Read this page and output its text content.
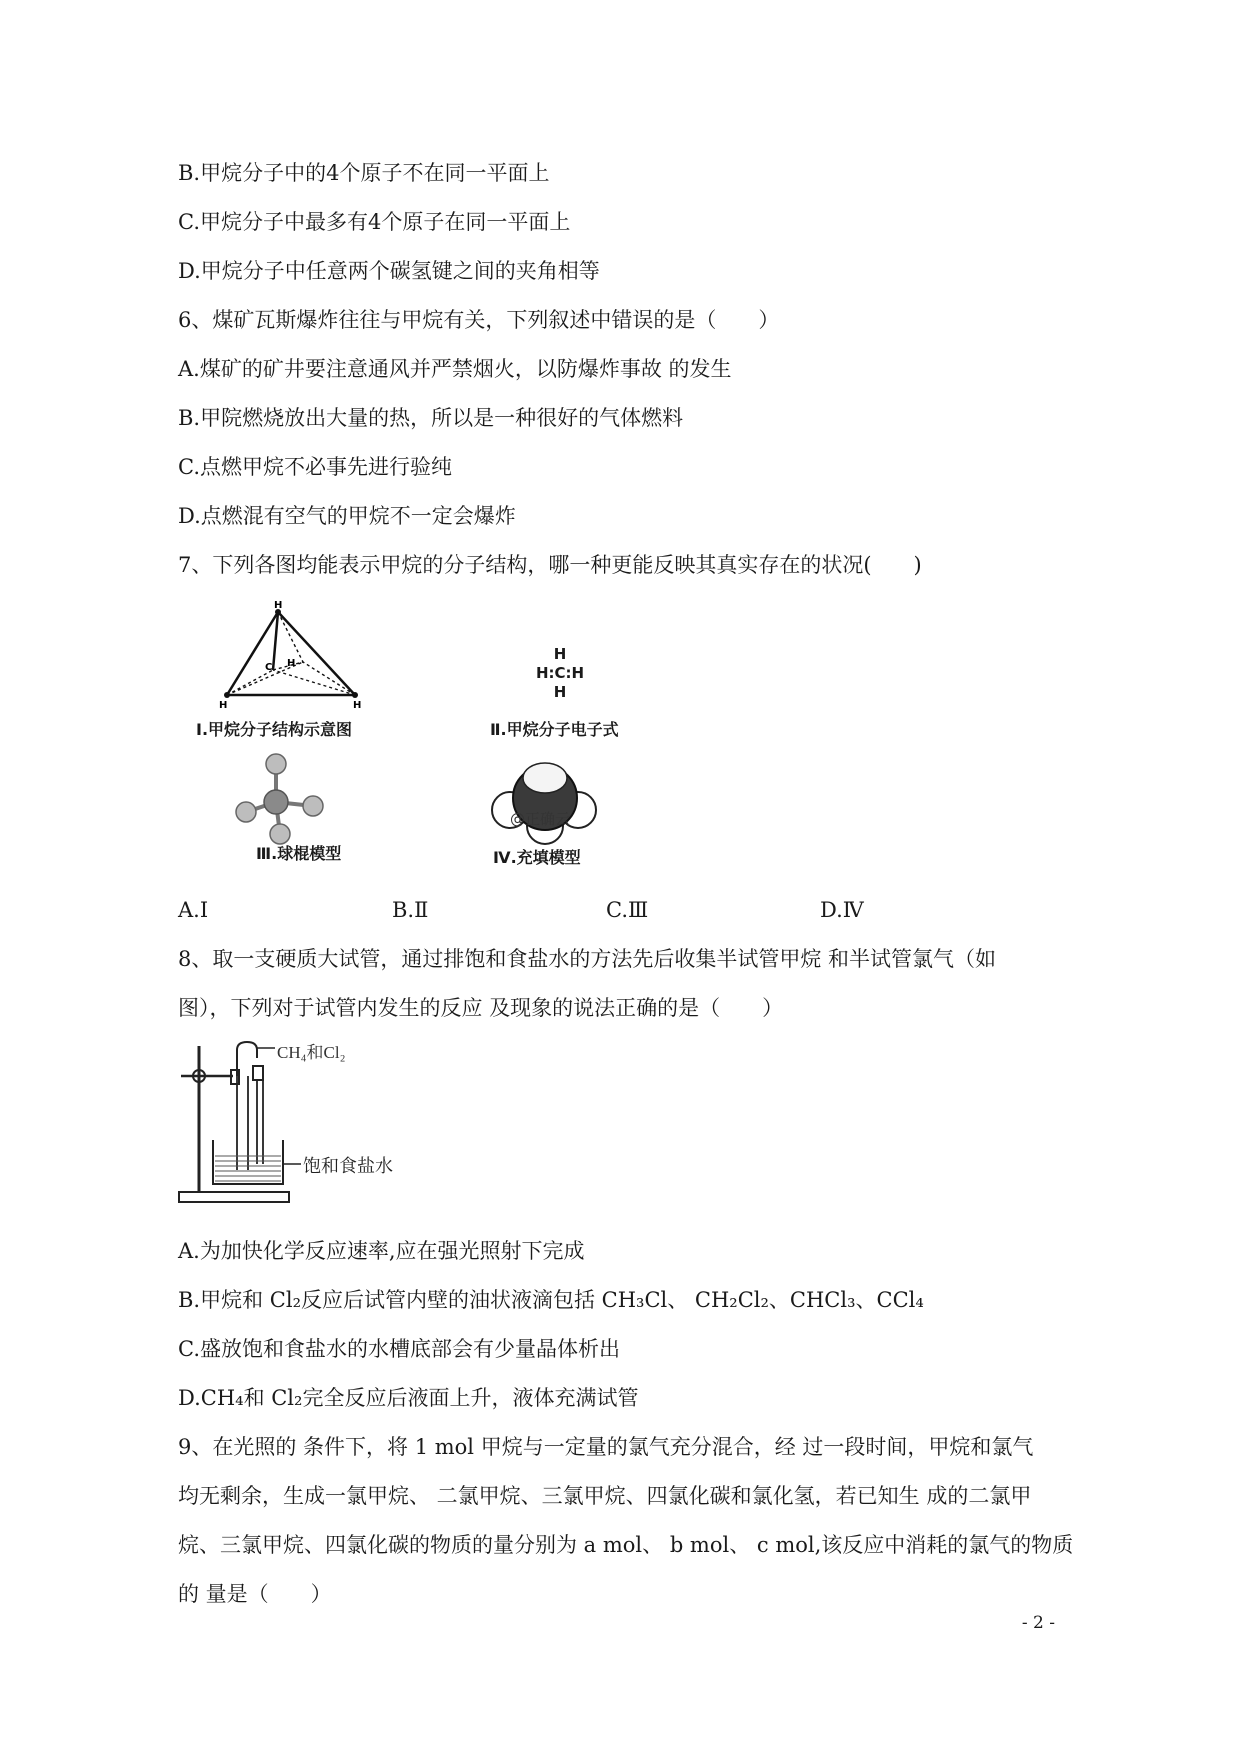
B.甲烷分子中的4个原子不在同一平面上
C.甲烷分子中最多有4个原子在同一平面上
D.甲烷分子中任意两个碳氢键之间的夹角相等
6、煤矿瓦斯爆炸往往与甲烷有关，下列叙述中错误的是（　　）
A.煤矿的矿井要注意通风并严禁烟火，以防爆炸事故 的发生
B.甲院燃烧放出大量的热，所以是一种很好的气体燃料
C.点燃甲烷不必事先进行验纯
D.点燃混有空气的甲烷不一定会爆炸
7、下列各图均能表示甲烷的分子结构，哪一种更能反映其真实存在的状况(　　)
H
C H
H	H
Ⅰ.甲烷分子结构示意图
H
H:C:H
H
Ⅱ.甲烷分子电子式
Ⅲ.球棍模型
@正确云
Ⅳ.充填模型
A.Ⅰ	B.Ⅱ	C.Ⅲ	D.Ⅳ
8、取一支硬质大试管，通过排饱和食盐水的方法先后收集半试管甲烷 和半试管氯气（如
图），下列对于试管内发生的反应 及现象的说法正确的是（　　）
CH₄和Cl₂
饱和食盐水
A.为加快化学反应速率,应在强光照射下完成
B.甲烷和 Cl₂反应后试管内壁的油状液滴包括 CH₃Cl、 CH₂Cl₂、CHCl₃、CCl₄
C.盛放饱和食盐水的水槽底部会有少量晶体析出
D.CH₄和 Cl₂完全反应后液面上升，液体充满试管
9、在光照的 条件下，将 1 mol 甲烷与一定量的氯气充分混合，经 过一段时间，甲烷和氯气
均无剩余，生成一氯甲烷、 二氯甲烷、三氯甲烷、四氯化碳和氯化氢，若已知生 成的二氯甲
烷、三氯甲烷、四氯化碳的物质的量分别为 a mol、 b mol、 c mol,该反应中消耗的氯气的物质
的 量是（　　）
- 2 -
